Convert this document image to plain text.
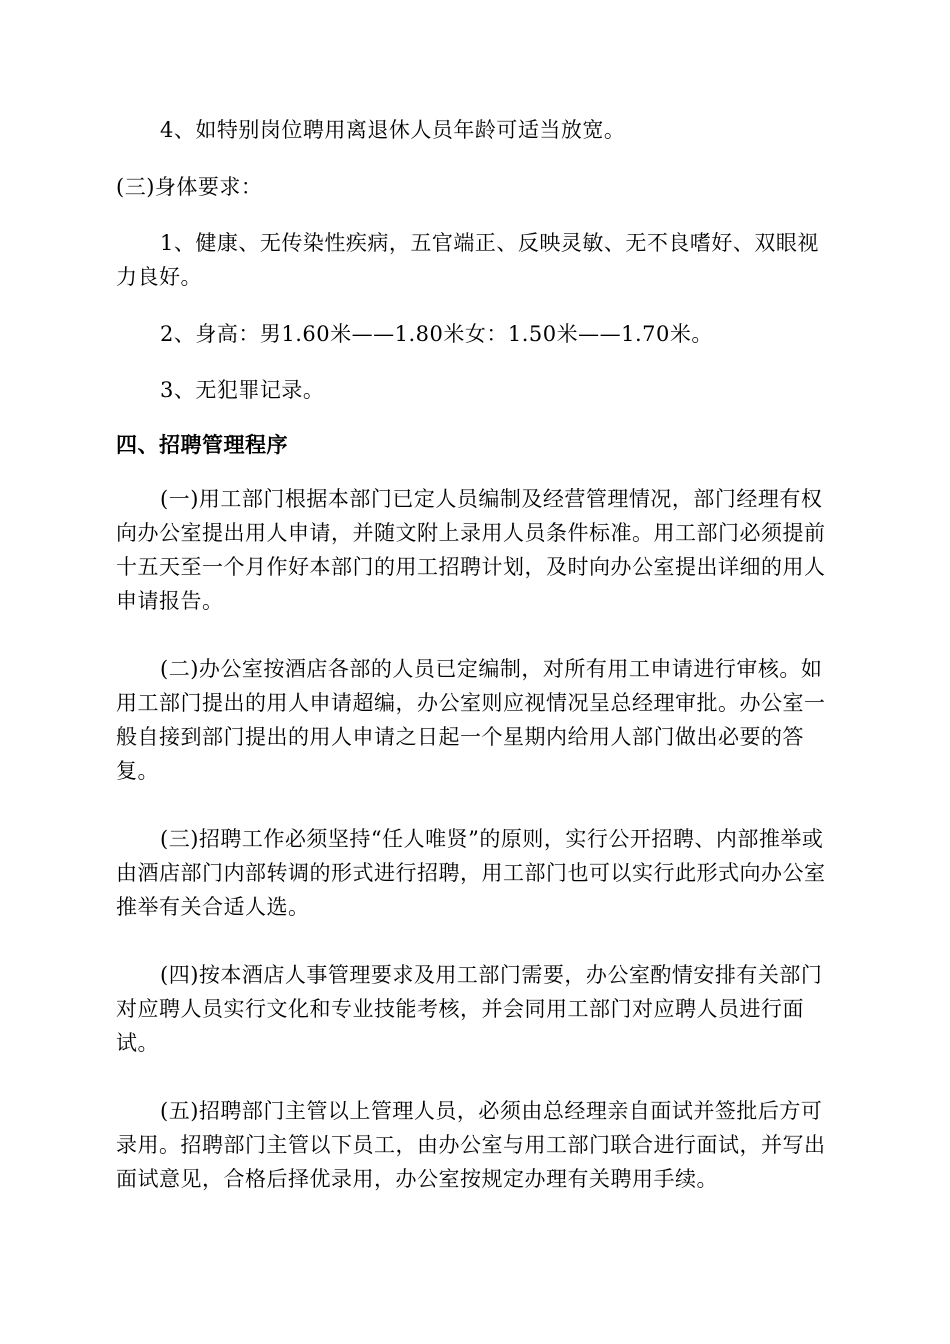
4、如特别岗位聘用离退休人员年龄可适当放宽。

(三)身体要求：

1、健康、无传染性疾病，五官端正、反映灵敏、无不良嗜好、双眼视力良好。

2、身高：男1.60米——1.80米女：1.50米——1.70米。

3、无犯罪记录。

四、招聘管理程序

(一)用工部门根据本部门已定人员编制及经营管理情况，部门经理有权向办公室提出用人申请，并随文附上录用人员条件标准。用工部门必须提前十五天至一个月作好本部门的用工招聘计划，及时向办公室提出详细的用人申请报告。

(二)办公室按酒店各部的人员已定编制，对所有用工申请进行审核。如用工部门提出的用人申请超编，办公室则应视情况呈总经理审批。办公室一般自接到部门提出的用人申请之日起一个星期内给用人部门做出必要的答复。

(三)招聘工作必须坚持“任人唯贤”的原则，实行公开招聘、内部推举或由酒店部门内部转调的形式进行招聘，用工部门也可以实行此形式向办公室推举有关合适人选。

(四)按本酒店人事管理要求及用工部门需要，办公室酌情安排有关部门对应聘人员实行文化和专业技能考核，并会同用工部门对应聘人员进行面试。

(五)招聘部门主管以上管理人员，必须由总经理亲自面试并签批后方可录用。招聘部门主管以下员工，由办公室与用工部门联合进行面试，并写出面试意见，合格后择优录用，办公室按规定办理有关聘用手续。
